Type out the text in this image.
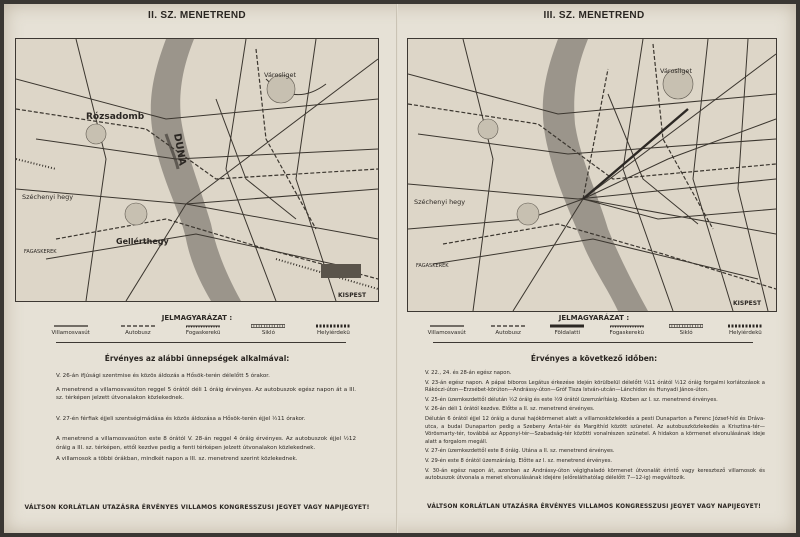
II. SZ. MENETREND
Rózsadomb
DUNA
Gellérthegy
Széchenyi hegy
Városliget
KISPEST
FAGASKEREK
JELMAGYARÁZAT :
Villamosvasút	Autobusz	Fogaskerekü	Sikló	Helyiérdekü
Érvényes az alábbi ünnepségek alkalmával:

V. 26-án ifjúsági szentmise és közös áldozás a Hősök-terén délelőtt 5 órakor.

A menetrend a villamosvasúton reggel 5 órától déli 1 óráig érvényes. Az autobuszok egész napon át a III. sz. térképen jelzett útvonalakon közlekednek.

V. 27-én férfiak éjjeli szentségimádása és közös áldozása a Hősök-terén éjjel ½11 órakor.

A menetrend a villamosvasúton este 8 órától V. 28-án reggel 4 óráig érvényes. Az autobuszok éjjel ½12 óráig a III. sz. térképen, ettől kezdve pedig a fenti térképen jelzett útvonalakon közlekednek.

A villamosok a többi órákban, mindkét napon a III. sz. menetrend szerint közlekednek.

VÁLTSON KORLÁTLAN UTAZÁSRA ÉRVÉNYES VILLAMOS KONGRESSZUSI JEGYET VAGY NAPIJEGYET!
III. SZ. MENETREND
Városliget
Széchenyi hegy
FAGASKEREK
KISPEST
JELMAGYARÁZAT :
Villamosvasút	Autobusz	Földalatti	Fogaskerekü	Sikló	Helyiérdekü
Érvényes a következő időben:

V. 22., 24. és 28-án egész napon.

V. 23-án egész napon. A pápai biboros Legátus érkezése idején körülbelül délelőtt ½11 órától ½12 óráig forgalmi korlátozások a Rákóczi-úton—Erzsébet-körúton—Andrássy-úton—Gróf Tisza István-utcán—Lánchidon és Hunyadi János-úton.

V. 25-én üzemkezdettől délután ½2 óráig és este ½9 órától üzemzárításig. Közben az I. sz. menetrend érvényes.

V. 26-án déli 1 órától kezdve. Előtte a II. sz. menetrend érvényes.

Délután 6 órától éjjel 12 óráig a dunai hajókörmenet alatt a villamosközlekedés a pesti Dunaparton a Ferenc József-híd és Dráva-utca, a budai Dunaparton pedig a Szebeny Antal-tér és Margithíd között szünetel. Az autobuszközlekedés a Krisztina-tér—Vörösmarty-tér, továbbá az Apponyi-tér—Szabadság-tér közötti vonalrészen szünetel. A hidakon a körmenet elvonulásának ideje alatt a forgalom megáll.

V. 27-én üzemkezdettől este 8 óráig. Utána a II. sz. menetrend érvényes.

V. 29-én este 8 órától üzemzárásig. Előtte az I. sz. menetrend érvényes.

V. 30-án egész napon át, azonban az Andrássy-úton végighaladó körmenet útvonalát érintő vagy keresztező villamosok és autobuszok útvonala a menet elvonulásának idejére (előreláthatólag délelőtt 7—12-ig) megváltozik.

VÁLTSON KORLÁTLAN UTAZÁSRA ÉRVÉNYES VILLAMOS KONGRESSZUSI JEGYET VAGY NAPIJEGYET!
